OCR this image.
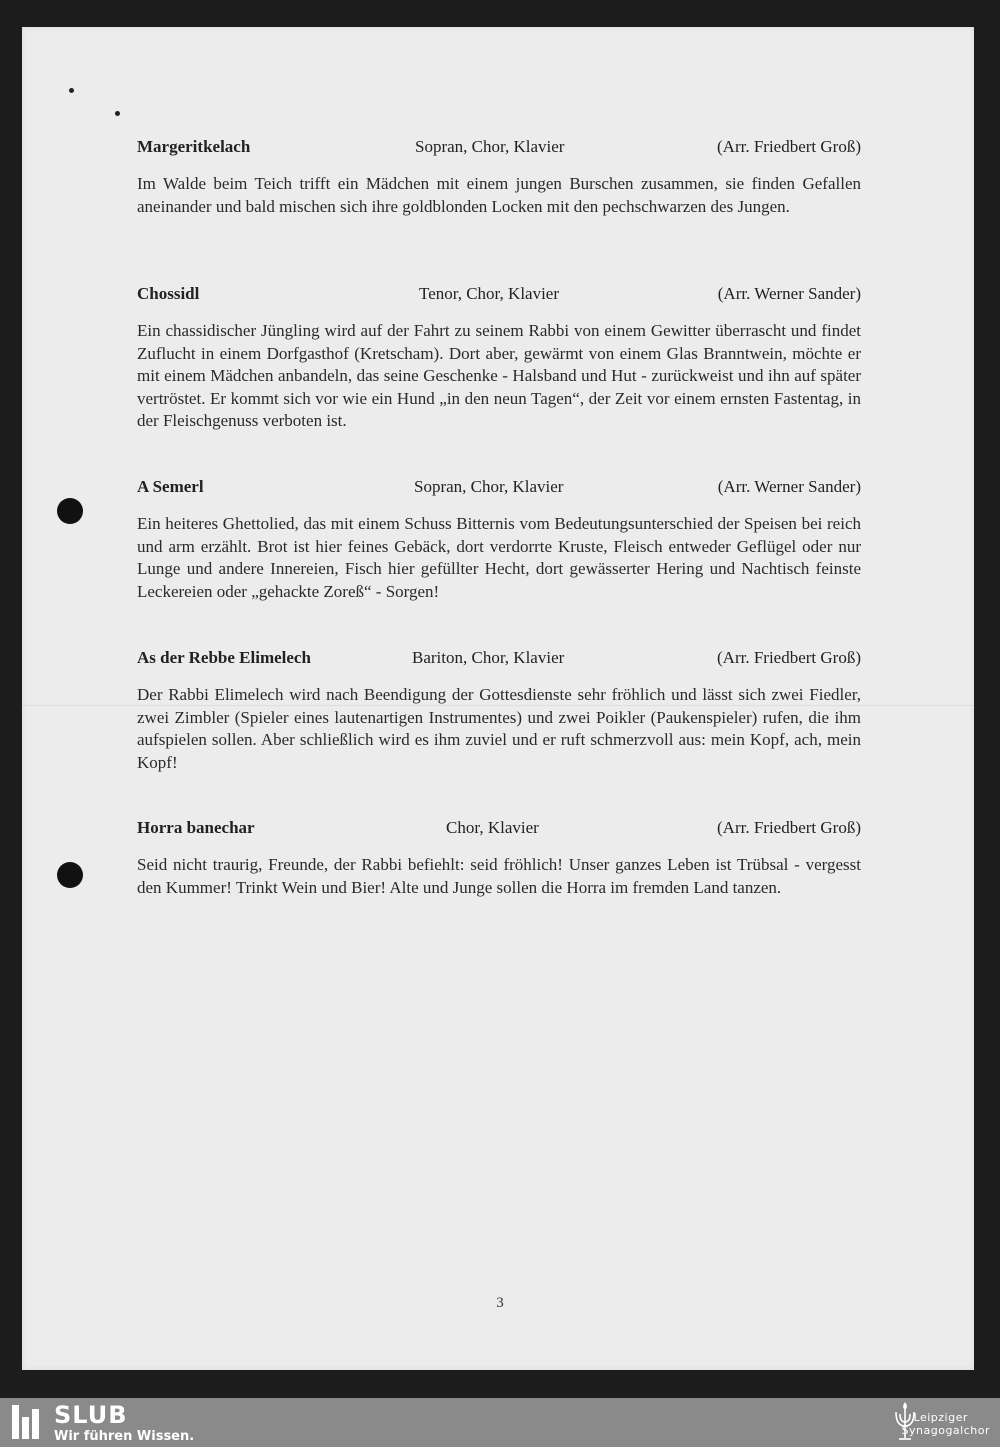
Margeritkelach	Sopran, Chor, Klavier	(Arr. Friedbert Groß)
Im Walde beim Teich trifft ein Mädchen mit einem jungen Burschen zusammen, sie finden Gefallen aneinander und bald mischen sich ihre goldblonden Locken mit den pechschwarzen des Jungen.
Chossidl	Tenor, Chor, Klavier	(Arr. Werner Sander)
Ein chassidischer Jüngling wird auf der Fahrt zu seinem Rabbi von einem Gewitter überrascht und findet Zuflucht in einem Dorfgasthof (Kretscham). Dort aber, gewärmt von einem Glas Branntwein, möchte er mit einem Mädchen anbandeln, das seine Geschenke - Halsband und Hut - zurückweist und ihn auf später vertröstet. Er kommt sich vor wie ein Hund „in den neun Tagen“, der Zeit vor einem ernsten Fastentag, in der Fleischgenuss verboten ist.
A Semerl	Sopran, Chor, Klavier	(Arr. Werner Sander)
Ein heiteres Ghettolied, das mit einem Schuss Bitternis vom Bedeutungsunterschied der Speisen bei reich und arm erzählt. Brot ist hier feines Gebäck, dort verdorrte Kruste, Fleisch entweder Geflügel oder nur Lunge und andere Innereien, Fisch hier gefüllter Hecht, dort gewässerter Hering und Nachtisch feinste Leckereien oder „gehackte Zoreß“ - Sorgen!
As der Rebbe Elimelech	Bariton, Chor, Klavier	(Arr. Friedbert Groß)
Der Rabbi Elimelech wird nach Beendigung der Gottesdienste sehr fröhlich und lässt sich zwei Fiedler, zwei Zimbler (Spieler eines lautenartigen Instrumentes) und zwei Poikler (Paukenspieler) rufen, die ihm aufspielen sollen. Aber schließlich wird es ihm zuviel und er ruft schmerzvoll aus: mein Kopf, ach, mein Kopf!
Horra banechar	Chor, Klavier	(Arr. Friedbert Groß)
Seid nicht traurig, Freunde, der Rabbi befiehlt: seid fröhlich! Unser ganzes Leben ist Trübsal - vergesst den Kummer! Trinkt Wein und Bier! Alte und Junge sollen die Horra im fremden Land tanzen.
3
SLUB
Wir führen Wissen.
Leipziger
Synagogalchor
